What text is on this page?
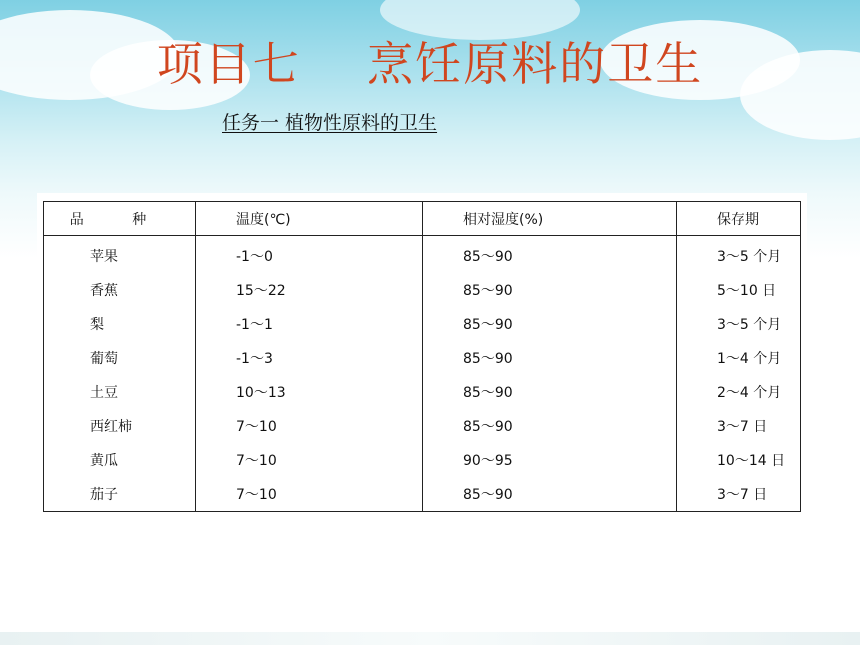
项目七    烹饪原料的卫生
任务一 植物性原料的卫生
品 种	温度(℃)	相对湿度(%)	保存期
苹果	-1～0	85～90	3～5 个月
香蕉	15～22	85～90	5～10 日
梨	-1～1	85～90	3～5 个月
葡萄	-1～3	85～90	1～4 个月
土豆	10～13	85～90	2～4 个月
西红柿	7～10	85～90	3～7 日
黄瓜	7～10	90～95	10～14 日
茄子	7～10	85～90	3～7 日
